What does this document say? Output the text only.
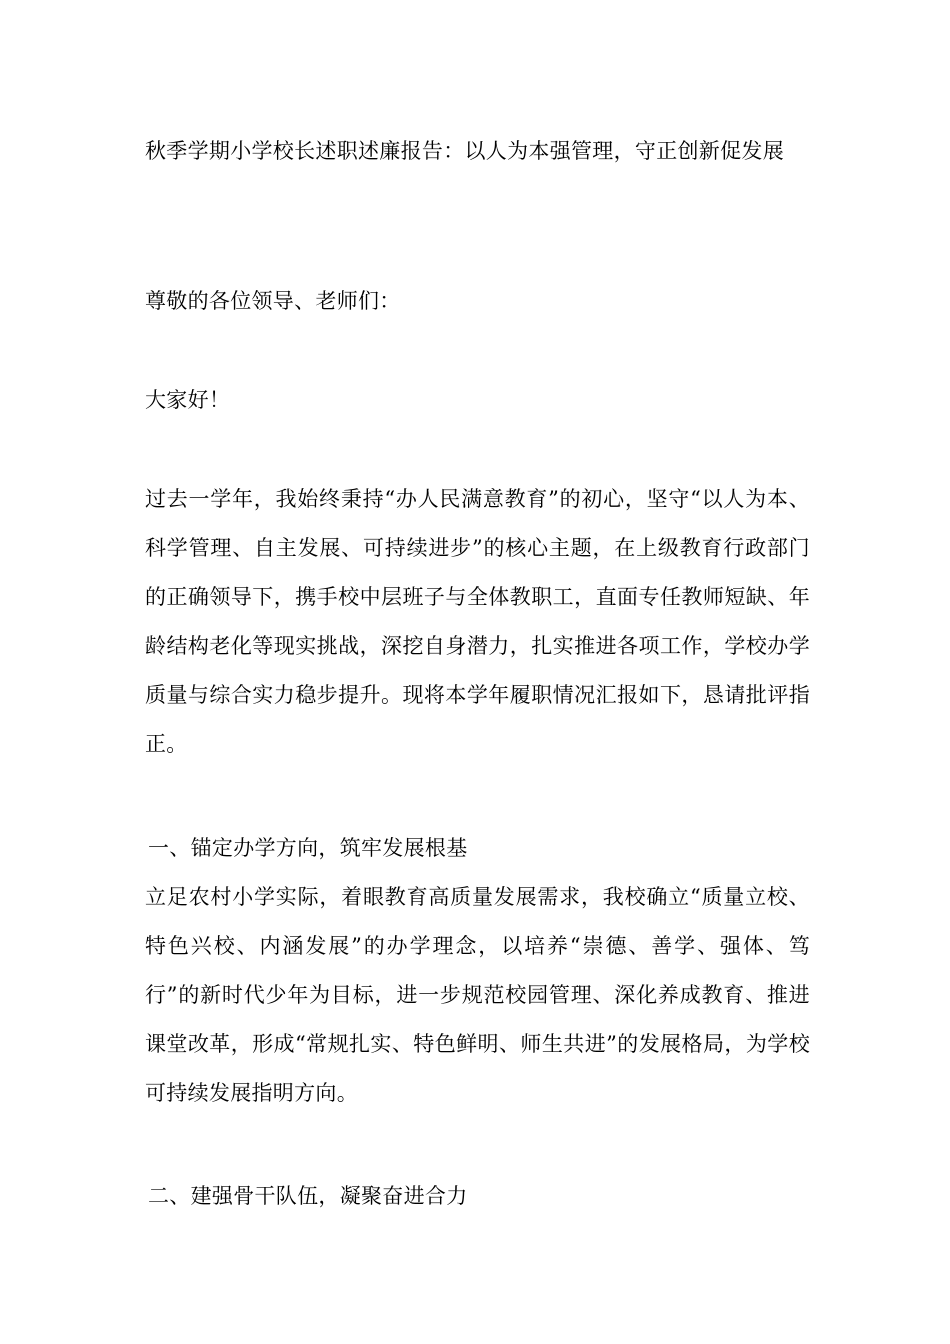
秋季学期小学校长述职述廉报告：以人为本强管理，守正创新促发展

尊敬的各位领导、老师们：

大家好！

过去一学年，我始终秉持“办人民满意教育”的初心，坚守“以人为本、科学管理、自主发展、可持续进步”的核心主题，在上级教育行政部门的正确领导下，携手校中层班子与全体教职工，直面专任教师短缺、年龄结构老化等现实挑战，深挖自身潜力，扎实推进各项工作，学校办学质量与综合实力稳步提升。现将本学年履职情况汇报如下，恳请批评指正。

一、锚定办学方向，筑牢发展根基

立足农村小学实际，着眼教育高质量发展需求，我校确立“质量立校、特色兴校、内涵发展”的办学理念，以培养“崇德、善学、强体、笃行”的新时代少年为目标，进一步规范校园管理、深化养成教育、推进课堂改革，形成“常规扎实、特色鲜明、师生共进”的发展格局，为学校可持续发展指明方向。

二、建强骨干队伍，凝聚奋进合力
